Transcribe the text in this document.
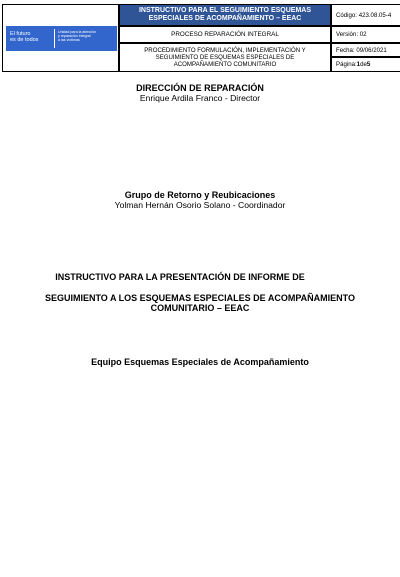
El futuro
es de todos
Unidad para la atención
y reparación integral
a las víctimas
INSTRUCTIVO PARA EL SEGUIMIENTO ESQUEMAS
ESPECIALES DE ACOMPAÑAMIENTO – EEAC
PROCESO REPARACIÓN INTEGRAL
PROCEDIMIENTO FORMULACIÓN, IMPLEMENTACIÓN Y
SEGUIMIENTO DE ESQUEMAS ESPECIALES DE
ACOMPAÑAMIENTO COMUNITARIO
Código: 423.08.05-4
Versión: 02
Fecha: 09/06/2021
Página: 1 de 5
DIRECCIÓN DE REPARACIÓN
Enrique Ardila Franco - Director
Grupo de Retorno y Reubicaciones
Yolman Hernán Osorio Solano - Coordinador
INSTRUCTIVO PARA LA PRESENTACIÓN DE INFORME DE
SEGUIMIENTO A LOS ESQUEMAS ESPECIALES DE ACOMPAÑAMIENTO
COMUNITARIO – EEAC
Equipo Esquemas Especiales de Acompañamiento
